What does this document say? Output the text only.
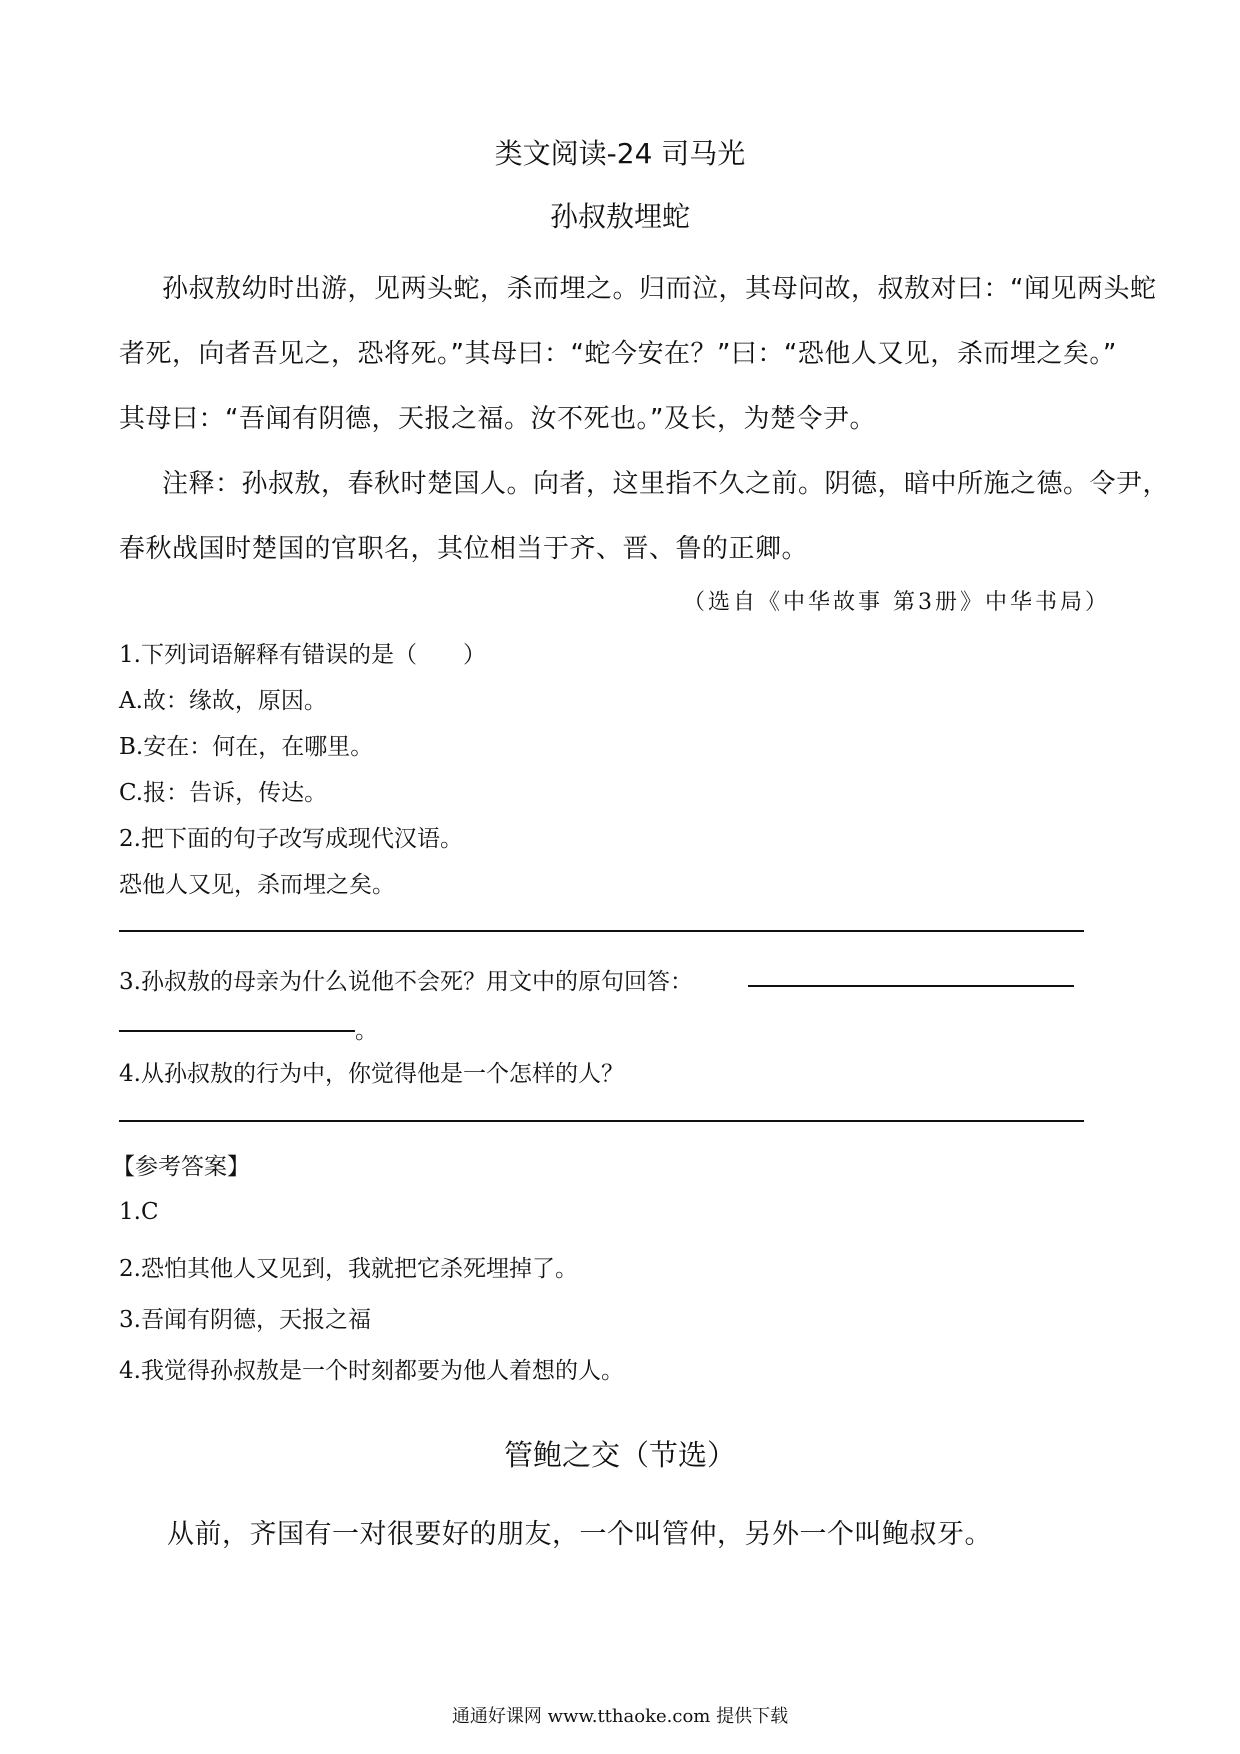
类文阅读-24 司马光
孙叔敖埋蛇
孙叔敖幼时出游，见两头蛇，杀而埋之。归而泣，其母问故，叔敖对曰：“闻见两头蛇
者死，向者吾见之，恐将死。”其母曰：“蛇今安在？”曰：“恐他人又见，杀而埋之矣。”
其母曰：“吾闻有阴德，天报之福。汝不死也。”及长，为楚令尹。
注释：孙叔敖，春秋时楚国人。向者，这里指不久之前。阴德，暗中所施之德。令尹，
春秋战国时楚国的官职名，其位相当于齐、晋、鲁的正卿。
（选自《中华故事 第3册》中华书局）
1.下列词语解释有错误的是（　　）
A.故：缘故，原因。
B.安在：何在，在哪里。
C.报：告诉，传达。
2.把下面的句子改写成现代汉语。
恐他人又见，杀而埋之矣。
3.孙叔敖的母亲为什么说他不会死？用文中的原句回答：
。
4.从孙叔敖的行为中，你觉得他是一个怎样的人？
【参考答案】
1.C
2.恐怕其他人又见到，我就把它杀死埋掉了。
3.吾闻有阴德，天报之福
4.我觉得孙叔敖是一个时刻都要为他人着想的人。
管鲍之交（节选）
从前，齐国有一对很要好的朋友，一个叫管仲，另外一个叫鲍叔牙。
通通好课网 www.tthaoke.com 提供下载
